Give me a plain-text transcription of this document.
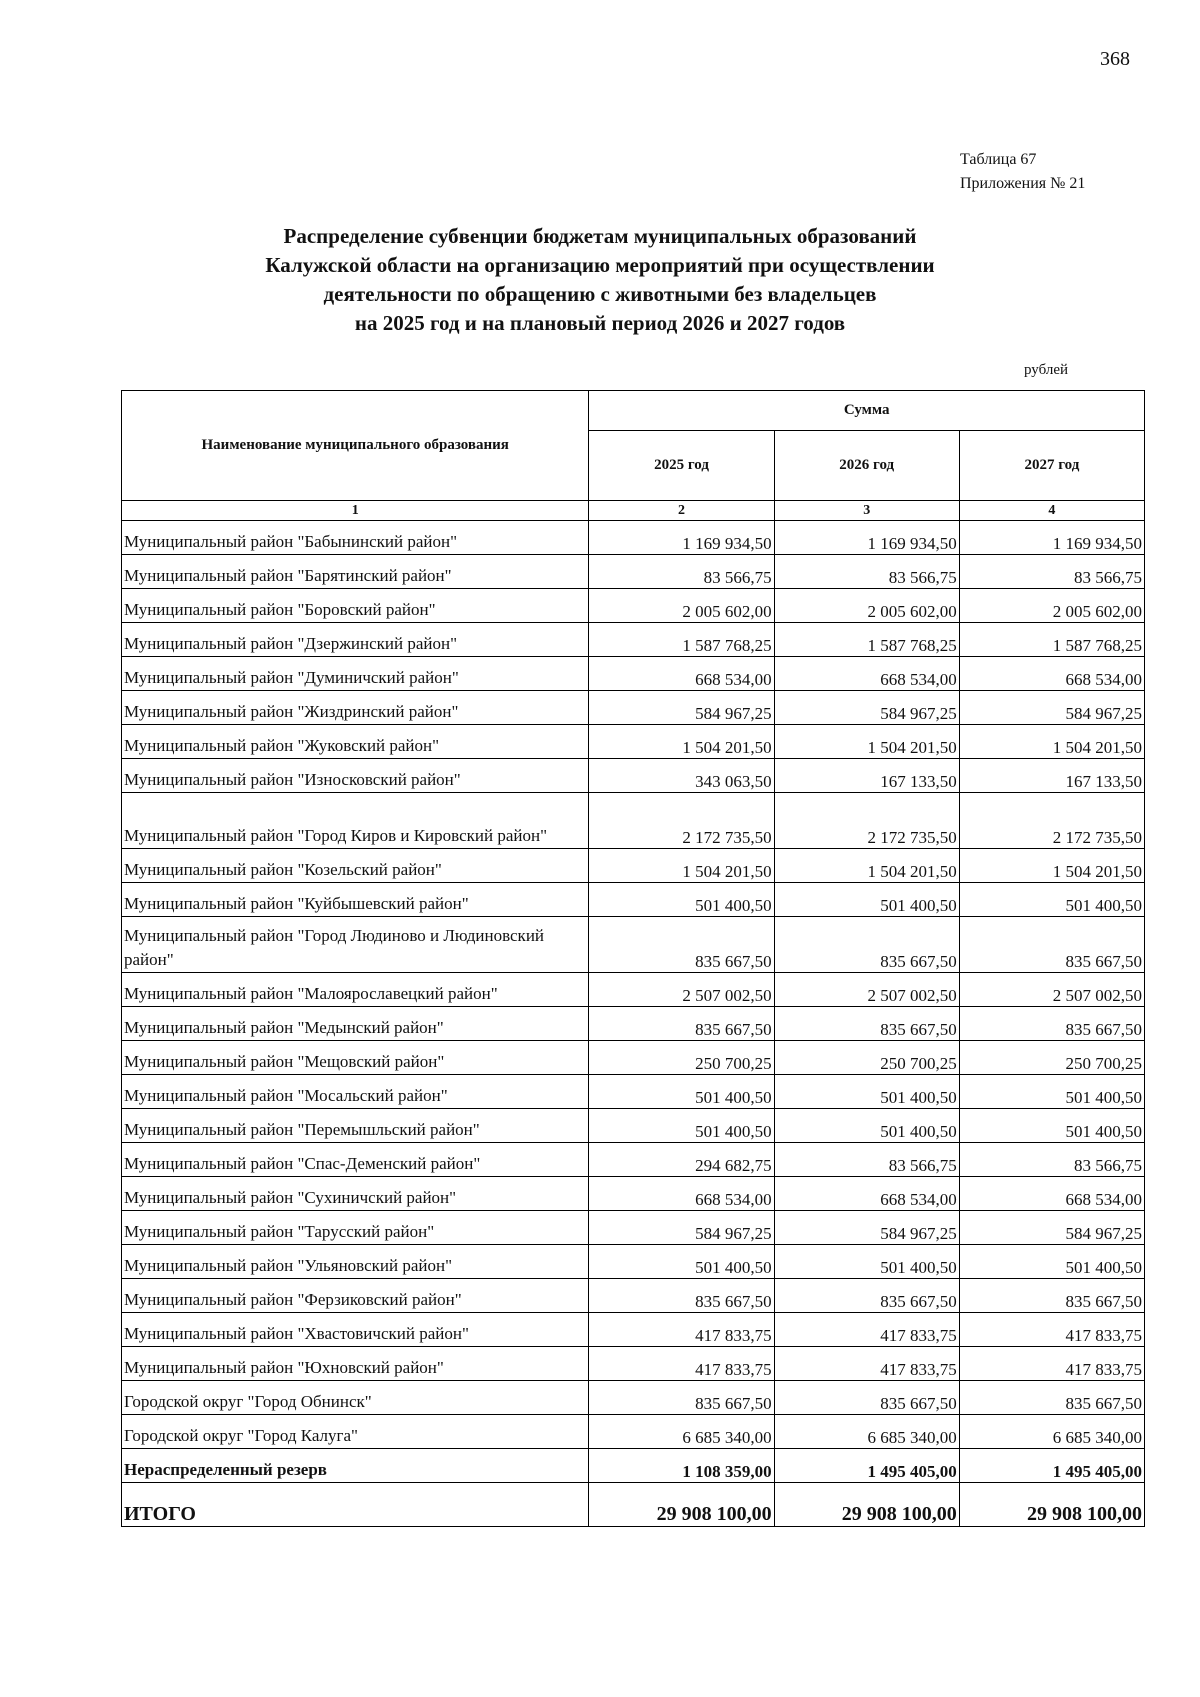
368
Таблица 67
Приложения № 21
Распределение субвенции бюджетам муниципальных образований
Калужской области на организацию мероприятий при осуществлении
деятельности по обращению с животными без владельцев
на 2025 год и на плановый период 2026 и 2027 годов
рублей
Наименование муниципального образования	Сумма		
	2025 год	2026 год	2027 год
1	2	3	4
Муниципальный район "Бабынинский район"	1 169 934,50	1 169 934,50	1 169 934,50
Муниципальный район "Барятинский район"	83 566,75	83 566,75	83 566,75
Муниципальный район "Боровский район"	2 005 602,00	2 005 602,00	2 005 602,00
Муниципальный район "Дзержинский район"	1 587 768,25	1 587 768,25	1 587 768,25
Муниципальный район "Думиничский район"	668 534,00	668 534,00	668 534,00
Муниципальный район "Жиздринский район"	584 967,25	584 967,25	584 967,25
Муниципальный район "Жуковский район"	1 504 201,50	1 504 201,50	1 504 201,50
Муниципальный район "Износковский район"	343 063,50	167 133,50	167 133,50
Муниципальный район "Город Киров и Кировский район"	2 172 735,50	2 172 735,50	2 172 735,50
Муниципальный район "Козельский район"	1 504 201,50	1 504 201,50	1 504 201,50
Муниципальный район "Куйбышевский район"	501 400,50	501 400,50	501 400,50
Муниципальный район "Город Людиново и Людиновский район"	835 667,50	835 667,50	835 667,50
Муниципальный район "Малоярославецкий район"	2 507 002,50	2 507 002,50	2 507 002,50
Муниципальный район "Медынский район"	835 667,50	835 667,50	835 667,50
Муниципальный район "Мещовский район"	250 700,25	250 700,25	250 700,25
Муниципальный район "Мосальский район"	501 400,50	501 400,50	501 400,50
Муниципальный район "Перемышльский район"	501 400,50	501 400,50	501 400,50
Муниципальный район "Спас-Деменский район"	294 682,75	83 566,75	83 566,75
Муниципальный район "Сухиничский район"	668 534,00	668 534,00	668 534,00
Муниципальный район "Тарусский район"	584 967,25	584 967,25	584 967,25
Муниципальный район "Ульяновский район"	501 400,50	501 400,50	501 400,50
Муниципальный район "Ферзиковский район"	835 667,50	835 667,50	835 667,50
Муниципальный район "Хвастовичский район"	417 833,75	417 833,75	417 833,75
Муниципальный район "Юхновский район"	417 833,75	417 833,75	417 833,75
Городской округ "Город Обнинск"	835 667,50	835 667,50	835 667,50
Городской округ "Город Калуга"	6 685 340,00	6 685 340,00	6 685 340,00
Нераспределенный резерв	1 108 359,00	1 495 405,00	1 495 405,00
ИТОГО	29 908 100,00	29 908 100,00	29 908 100,00
